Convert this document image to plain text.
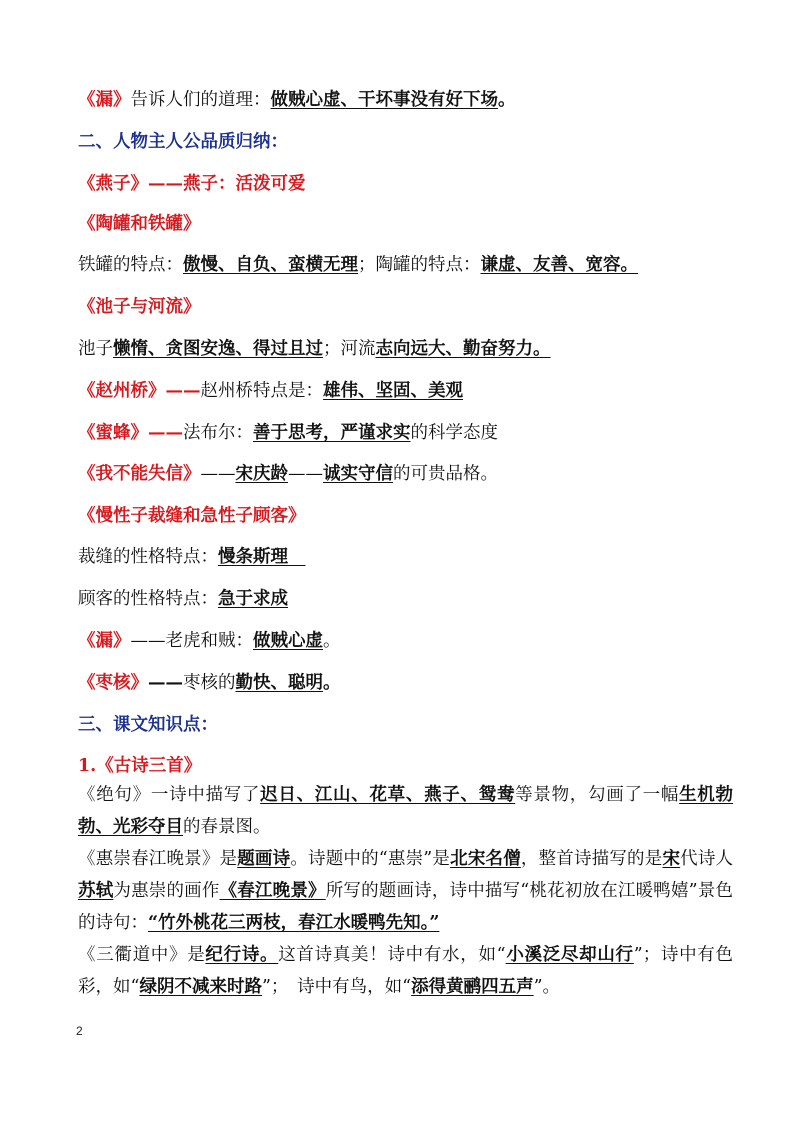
《漏》告诉人们的道理：做贼心虚、干坏事没有好下场。
二、人物主人公品质归纳：
《燕子》——燕子：活泼可爱
《陶罐和铁罐》
铁罐的特点：傲慢、自负、蛮横无理；陶罐的特点：谦虚、友善、宽容。
《池子与河流》
池子懒惰、贪图安逸、得过且过；河流志向远大、勤奋努力。
《赵州桥》——赵州桥特点是：雄伟、坚固、美观
《蜜蜂》——法布尔：善于思考，严谨求实的科学态度
《我不能失信》——宋庆龄——诚实守信的可贵品格。
《慢性子裁缝和急性子顾客》
裁缝的性格特点：慢条斯理 
顾客的性格特点：急于求成
《漏》——老虎和贼：做贼心虚。
《枣核》——枣核的勤快、聪明。
三、课文知识点：
1.《古诗三首》
《绝句》一诗中描写了迟日、江山、花草、燕子、鸳鸯等景物，勾画了一幅生机勃勃、光彩夺目的春景图。
《惠崇春江晚景》是题画诗。诗题中的“惠崇”是北宋名僧，整首诗描写的是宋代诗人苏轼为惠崇的画作《春江晚景》所写的题画诗，诗中描写“桃花初放在江暖鸭嬉”景色的诗句：“竹外桃花三两枝，春江水暖鸭先知。”
《三衢道中》是纪行诗。这首诗真美！诗中有水，如“小溪泛尽却山行”；诗中有色彩，如“绿阴不减来时路”；　诗中有鸟，如“添得黄鹂四五声”。
2
